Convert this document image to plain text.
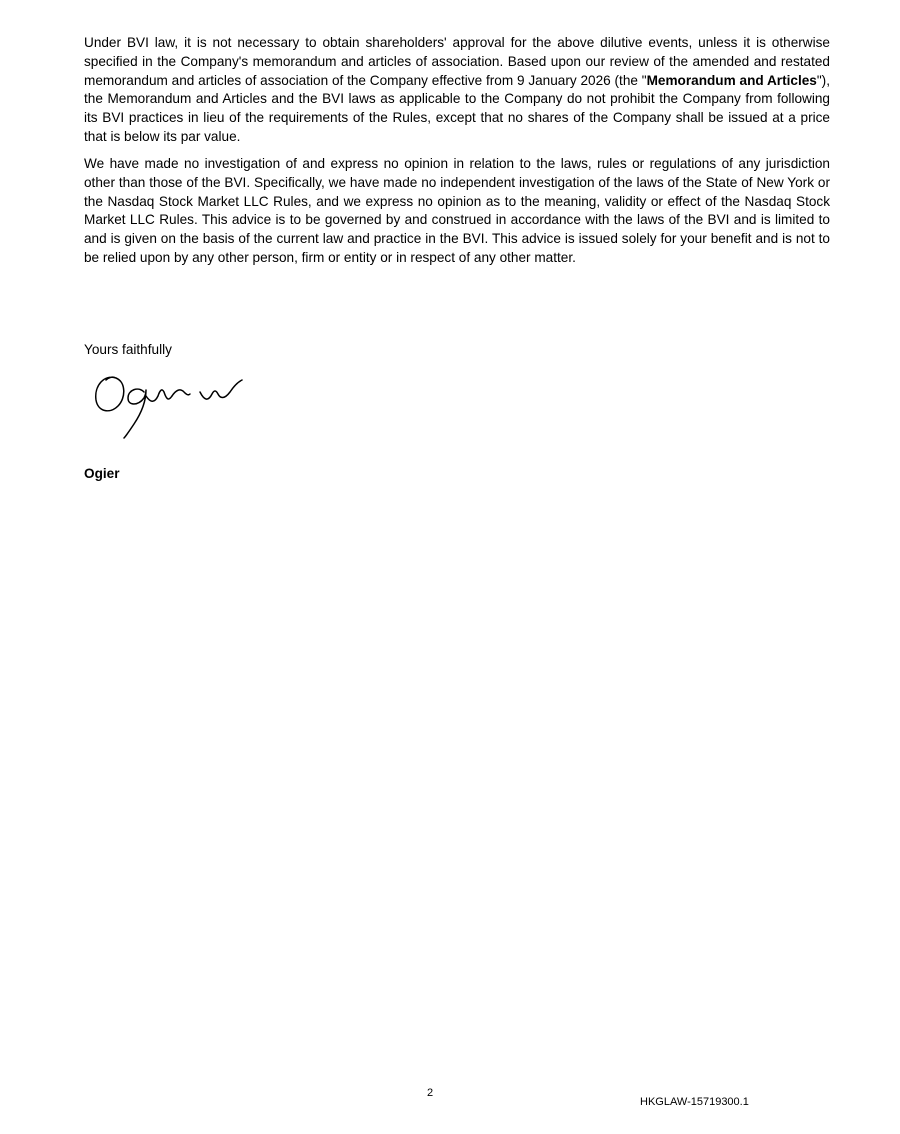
Under BVI law, it is not necessary to obtain shareholders' approval for the above dilutive events, unless it is otherwise specified in the Company's memorandum and articles of association. Based upon our review of the amended and restated memorandum and articles of association of the Company effective from 9 January 2026 (the "Memorandum and Articles"), the Memorandum and Articles and the BVI laws as applicable to the Company do not prohibit the Company from following its BVI practices in lieu of the requirements of the Rules, except that no shares of the Company shall be issued at a price that is below its par value.

We have made no investigation of and express no opinion in relation to the laws, rules or regulations of any jurisdiction other than those of the BVI. Specifically, we have made no independent investigation of the laws of the State of New York or the Nasdaq Stock Market LLC Rules, and we express no opinion as to the meaning, validity or effect of the Nasdaq Stock Market LLC Rules. This advice is to be governed by and construed in accordance with the laws of the BVI and is limited to and is given on the basis of the current law and practice in the BVI. This advice is issued solely for your benefit and is not to be relied upon by any other person, firm or entity or in respect of any other matter.

Yours faithfully

Ogier

2
HKGLAW-15719300.1
